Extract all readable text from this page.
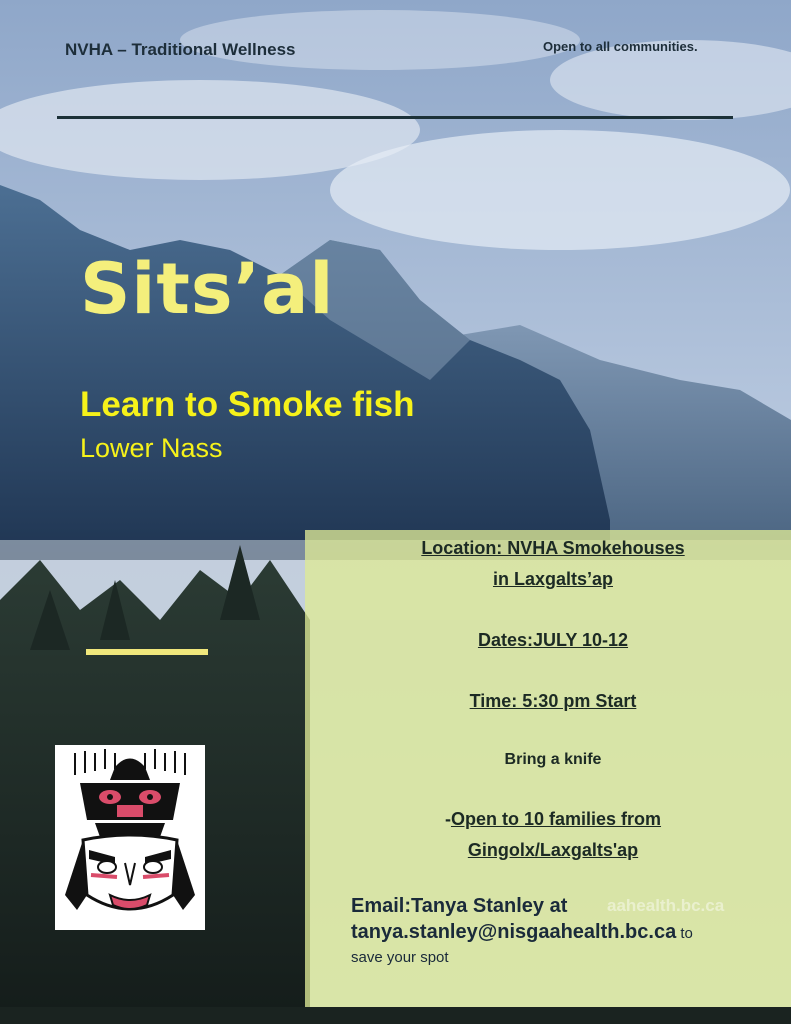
NVHA – Traditional Wellness	Open to all communities.
Sits’al
Learn to Smoke fish
Lower Nass
Location: NVHA Smokehouses
in Laxgalts’ap
Dates:JULY 10-12
Time: 5:30 pm Start
Bring a knife
-Open to 10 families from
Gingolx/Laxgalts'ap
aahealth.bc.ca
Email:Tanya Stanley at
tanya.stanley@nisgaahealth.bc.ca to
save your spot
